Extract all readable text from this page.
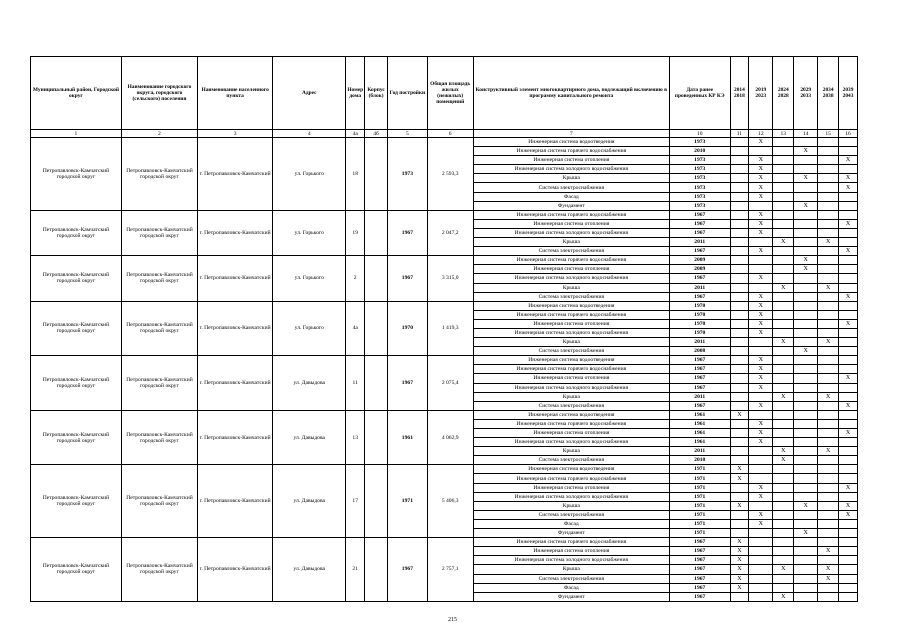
Муниципальный район, Городской округ	Наименование городского округа, городского (сельского) поселения	Наименование населенного пункта	Адрес	Номер дома	Корпус (блок)	Год постройки	Общая площадь жилых (нежилых) помещений	Конструктивный элемент многоквартирного дома, подлежащий включению в программу капитального ремонта	Дата ранее проведенных КР КЭ	2014 2018	2019 2023	2024 2028	2029 2033	2034 2038	2039 2043
1	2	3	4	4а	4б	5	6	7	10	11	12	13	14	15	16
Петропавловск-Камчатский городской округ	Петропавловск-Камчатский городской округ	г. Петропавловск-Камчатский	ул. Горького	18		1973	2 593,3	Инженерная система водоотведения	1973		X				
								Инженерная система горячего водоснабжения	2010				X		
								Инженерная система отопления	1973		X				X
								Инженерная система холодного водоснабжения	1973		X				
								Крыша	1973		X		X		X
								Система электроснабжения	1973		X				X
								Фасад	1973		X				
								Фундамент	1973				X		
Петропавловск-Камчатский городской округ	Петропавловск-Камчатский городской округ	г. Петропавловск-Камчатский	ул. Горького	19		1967	2 047,2	Инженерная система горячего водоснабжения	1967		X				
								Инженерная система отопления	1967		X				X
								Инженерная система холодного водоснабжения	1967		X				
								Крыша	2011			X		X	
								Система электроснабжения	1967		X				X
Петропавловск-Камчатский городской округ	Петропавловск-Камчатский городской округ	г. Петропавловск-Камчатский	ул. Горького	2		1967	3 315,0	Инженерная система горячего водоснабжения	2009				X		
								Инженерная система отопления	2009				X		
								Инженерная система холодного водоснабжения	1967		X				
								Крыша	2011			X		X	
								Система электроснабжения	1967		X				X
Петропавловск-Камчатский городской округ	Петропавловск-Камчатский городской округ	г. Петропавловск-Камчатский	ул. Горького	4а		1970	1 419,3	Инженерная система водоотведения	1970		X				
								Инженерная система горячего водоснабжения	1970		X				
								Инженерная система отопления	1970		X				X
								Инженерная система холодного водоснабжения	1970		X				
								Крыша	2011			X		X	
								Система электроснабжения	2008				X		
Петропавловск-Камчатский городской округ	Петропавловск-Камчатский городской округ	г. Петропавловск-Камчатский	ул. Давыдова	11		1967	2 075,4	Инженерная система водоотведения	1967		X				
								Инженерная система горячего водоснабжения	1967		X				
								Инженерная система отопления	1967		X				X
								Инженерная система холодного водоснабжения	1967		X				
								Крыша	2011			X		X	
								Система электроснабжения	1967		X				X
Петропавловск-Камчатский городской округ	Петропавловск-Камчатский городской округ	г. Петропавловск-Камчатский	ул. Давыдова	13		1961	4 062,9	Инженерная система водоотведения	1961	X					
								Инженерная система горячего водоснабжения	1961		X				
								Инженерная система отопления	1961		X				X
								Инженерная система холодного водоснабжения	1961		X				
								Крыша	2011			X		X	
								Система электроснабжения	2010			X			
Петропавловск-Камчатский городской округ	Петропавловск-Камчатский городской округ	г. Петропавловск-Камчатский	ул. Давыдова	17		1971	5 406,3	Инженерная система водоотведения	1971	X					
								Инженерная система горячего водоснабжения	1971	X					
								Инженерная система отопления	1971		X				X
								Инженерная система холодного водоснабжения	1971		X				
								Крыша	1971	X			X		X
								Система электроснабжения	1971		X				X
								Фасад	1971		X				
								Фундамент	1971				X		
Петропавловск-Камчатский городской округ	Петропавловск-Камчатский городской округ	г. Петропавловск-Камчатский	ул. Давыдова	21		1967	2 757,1	Инженерная система горячего водоснабжения	1967	X					
								Инженерная система отопления	1967	X				X	
								Инженерная система холодного водоснабжения	1967	X					
								Крыша	1967	X		X		X	
								Система электроснабжения	1967	X				X	
								Фасад	1967	X					
								Фундамент	1967			X			
215
